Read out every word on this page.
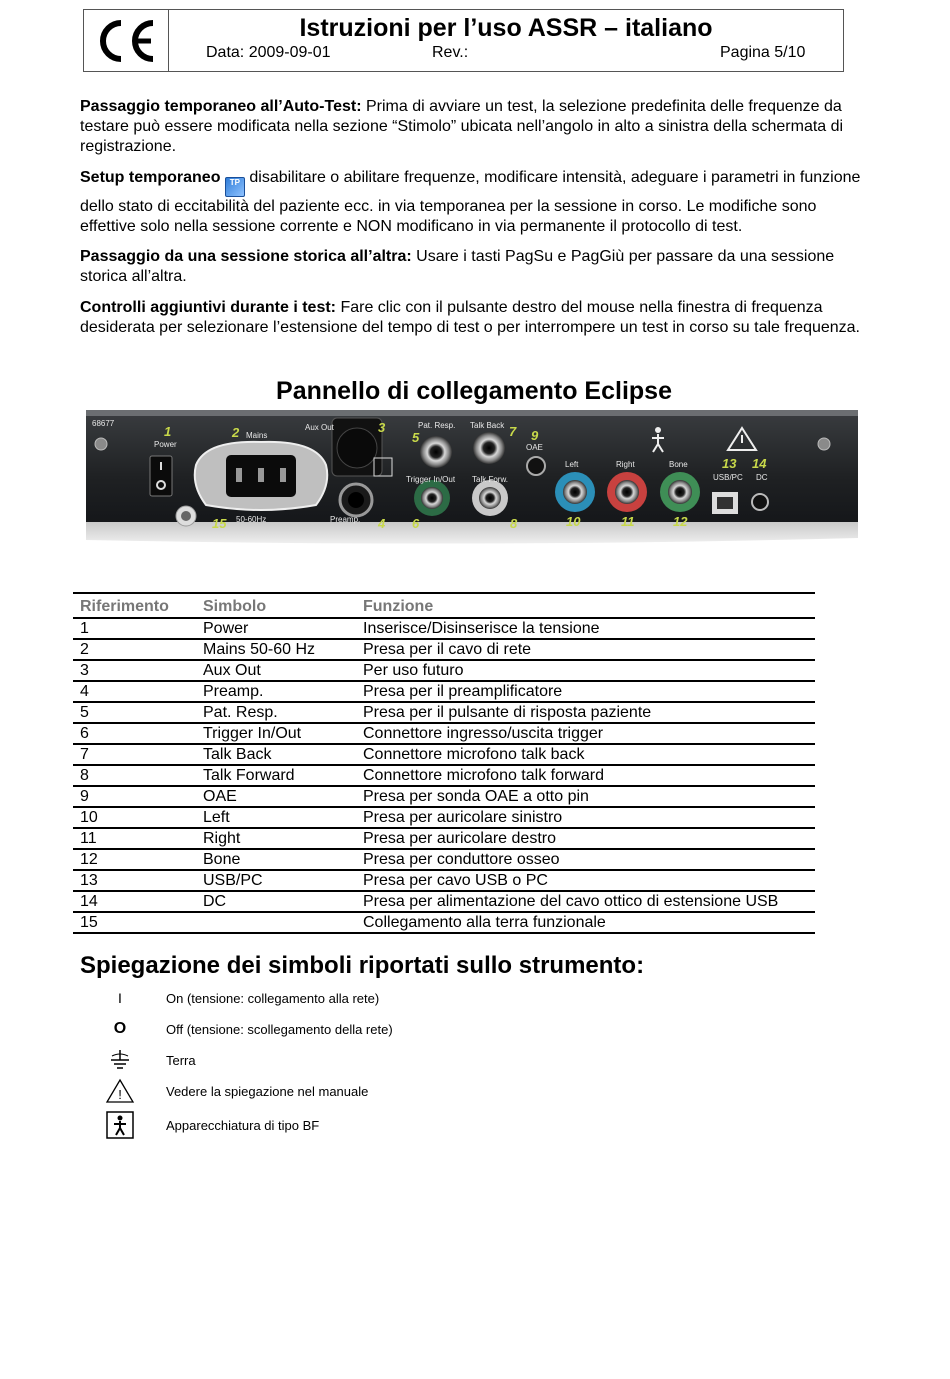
Istruzioni per l’uso ASSR – italiano
Data: 2009-09-01	Rev.:	Pagina 5/10

Passaggio temporaneo all’Auto-Test: Prima di avviare un test, la selezione predefinita delle frequenze da testare può essere modificata nella sezione “Stimolo” ubicata nell’angolo in alto a sinistra della schermata di registrazione.

Setup temporaneo TP disabilitare o abilitare frequenze, modificare intensità, adeguare i parametri in funzione dello stato di eccitabilità del paziente ecc. in via temporanea per la sessione in corso. Le modifiche sono effettive solo nella sessione corrente e NON modificano in via permanente il protocollo di test.

Passaggio da una sessione storica all’altra: Usare i tasti PagSu e PagGiù per passare da una sessione storica all’altra.

Controlli aggiuntivi durante i test: Fare clic con il pulsante destro del mouse nella finestra di frequenza desiderata per selezionare l’estensione del tempo di test o per interrompere un test in corso su tale frequenza.

Pannello di collegamento Eclipse
68677
Power
Mains
Aux Out
50-60Hz	Preamp.
Pat. Resp. Talk Back
OAE
Trigger In/Out Talk Forw.
Left	Right	Bone
USB/PC DC
1	2	3
4
5
6
7
8
9
10	11	12
13 14
15
Riferimento	Simbolo	Funzione
1	Power	Inserisce/Disinserisce la tensione
2	Mains 50-60 Hz	Presa per il cavo di rete
3	Aux Out	Per uso futuro
4	Preamp.	Presa per il preamplificatore
5	Pat. Resp.	Presa per il pulsante di risposta paziente
6	Trigger In/Out	Connettore ingresso/uscita trigger
7	Talk Back	Connettore microfono talk back
8	Talk Forward	Connettore microfono talk forward
9	OAE	Presa per sonda OAE a otto pin
10	Left	Presa per auricolare sinistro
11	Right	Presa per auricolare destro
12	Bone	Presa per conduttore osseo
13	USB/PC	Presa per cavo USB o PC
14	DC	Presa per alimentazione del cavo ottico di estensione USB
15		Collegamento alla terra funzionale
Spiegazione dei simboli riportati sullo strumento:
I	On (tensione: collegamento alla rete)
O	Off (tensione: scollegamento della rete)
Terra
!	Vedere la spiegazione nel manuale
Apparecchiatura di tipo BF
